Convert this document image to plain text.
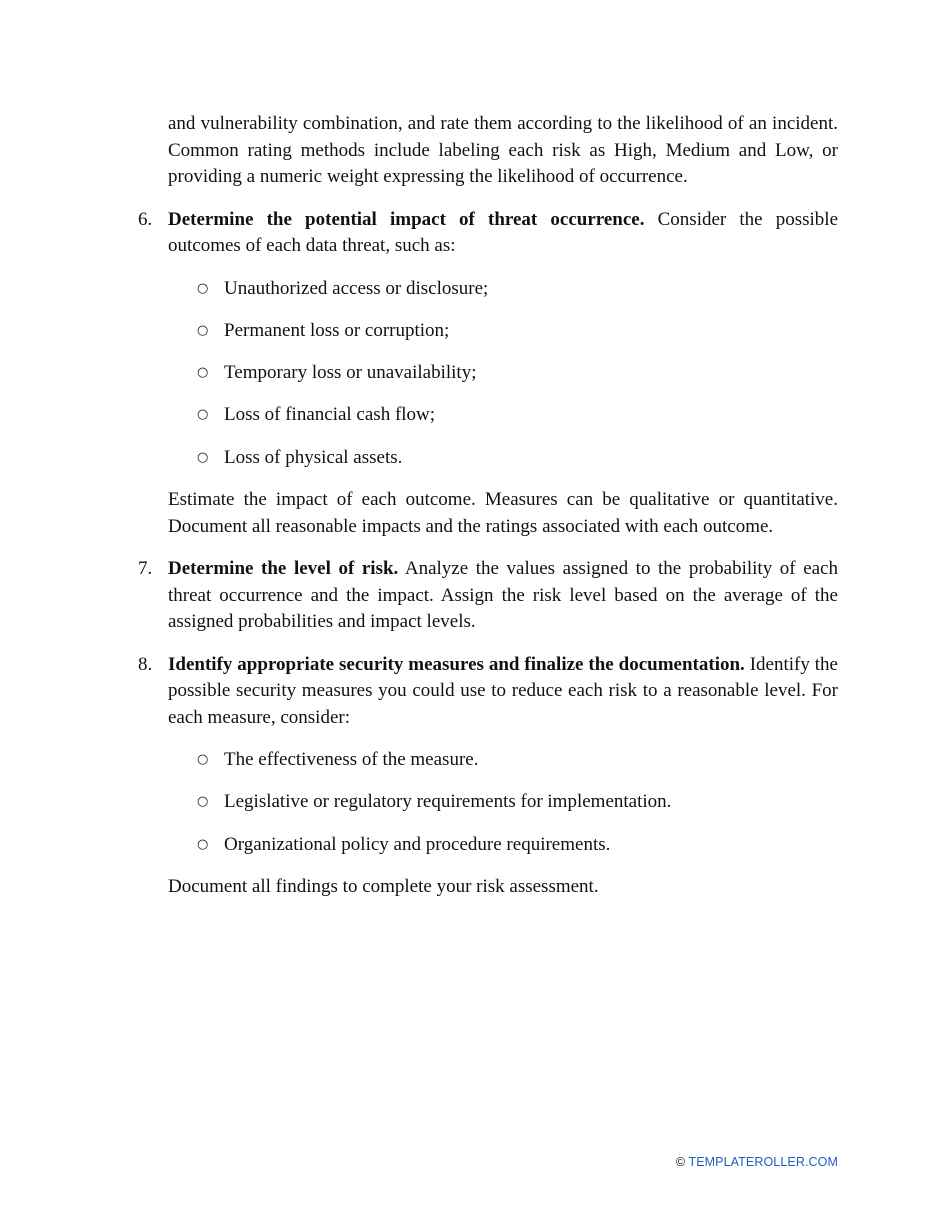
and vulnerability combination, and rate them according to the likelihood of an incident. Common rating methods include labeling each risk as High, Medium and Low, or providing a numeric weight expressing the likelihood of occurrence.

6. Determine the potential impact of threat occurrence. Consider the possible outcomes of each data threat, such as:

○ Unauthorized access or disclosure;
○ Permanent loss or corruption;
○ Temporary loss or unavailability;
○ Loss of financial cash flow;
○ Loss of physical assets.

Estimate the impact of each outcome. Measures can be qualitative or quantitative. Document all reasonable impacts and the ratings associated with each outcome.

7. Determine the level of risk. Analyze the values assigned to the probability of each threat occurrence and the impact. Assign the risk level based on the average of the assigned probabilities and impact levels.

8. Identify appropriate security measures and finalize the documentation. Identify the possible security measures you could use to reduce each risk to a reasonable level. For each measure, consider:

○ The effectiveness of the measure.
○ Legislative or regulatory requirements for implementation.
○ Organizational policy and procedure requirements.

Document all findings to complete your risk assessment.

© TEMPLATEROLLER.COM
